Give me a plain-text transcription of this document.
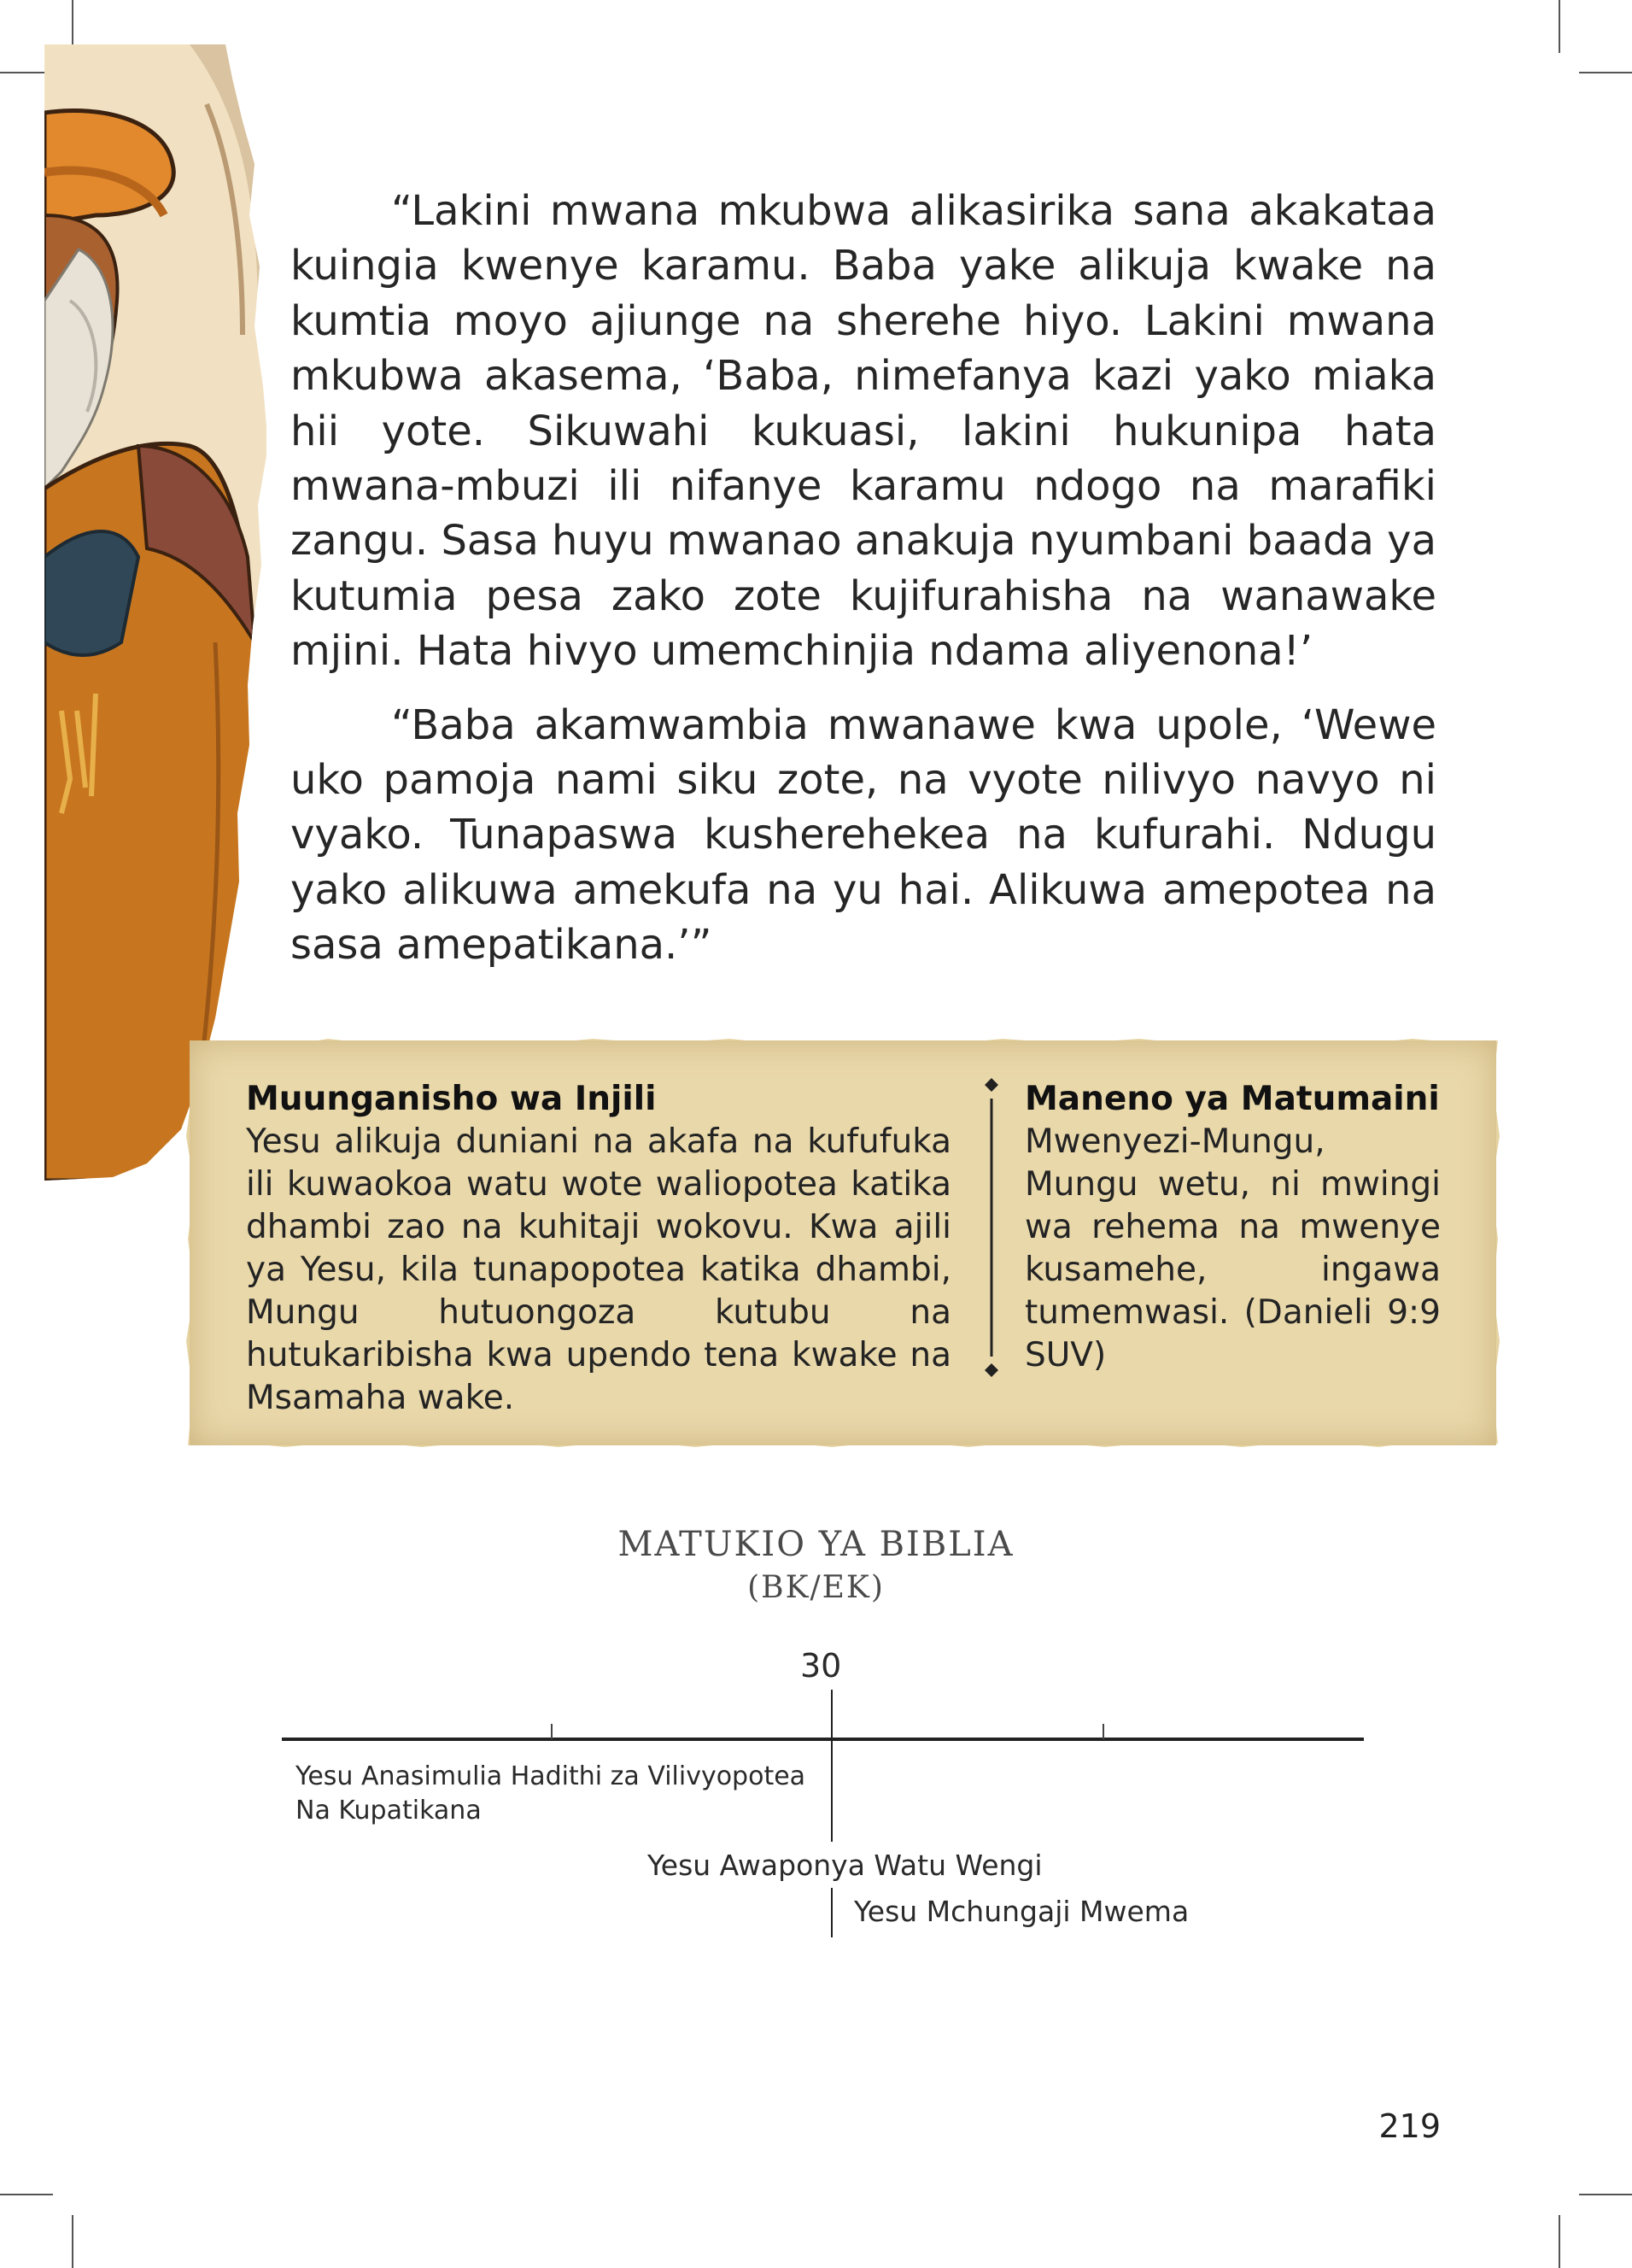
“Lakini mwana mkubwa alikasirika sana akakataa kuingia kwenye karamu. Baba yake alikuja kwake na kumtia moyo ajiunge na sherehe hiyo. Lakini mwana mkubwa akasema, ‘Baba, nimefanya kazi yako miaka hii yote. Sikuwahi kukuasi, lakini hukunipa hata mwana-mbuzi ili nifanye karamu ndogo na marafiki zangu. Sasa huyu mwanao anakuja nyumbani baada ya kutumia pesa zako zote kujifurahisha na wanawake mjini. Hata hivyo umemchinjia ndama aliyenona!’

“Baba akamwambia mwanawe kwa upole, ‘Wewe uko pamoja nami siku zote, na vyote nilivyo navyo ni vyako. Tunapaswa kusherehekea na kufurahi. Ndugu yako alikuwa amekufa na yu hai. Alikuwa amepotea na sasa amepatikana.’”

Muunganisho wa Injili

Yesu alikuja duniani na akafa na kufufuka ili kuwaokoa watu wote waliopotea katika dhambi zao na kuhitaji wokovu. Kwa ajili ya Yesu, kila tunapopotea katika dhambi, Mungu hutuongoza kutubu na hutukaribisha kwa upendo tena kwake na Msamaha wake.

Maneno ya Matumaini

Mwenyezi-Mungu, Mungu wetu, ni mwingi wa rehema na mwenye kusamehe, ingawa tumemwasi. (Danieli 9:9 SUV)

MATUKIO YA BIBLIA
(BK/EK)
30
Yesu Anasimulia Hadithi za Vilivyopotea Na Kupatikana
Yesu Awaponya Watu Wengi
Yesu Mchungaji Mwema
219
